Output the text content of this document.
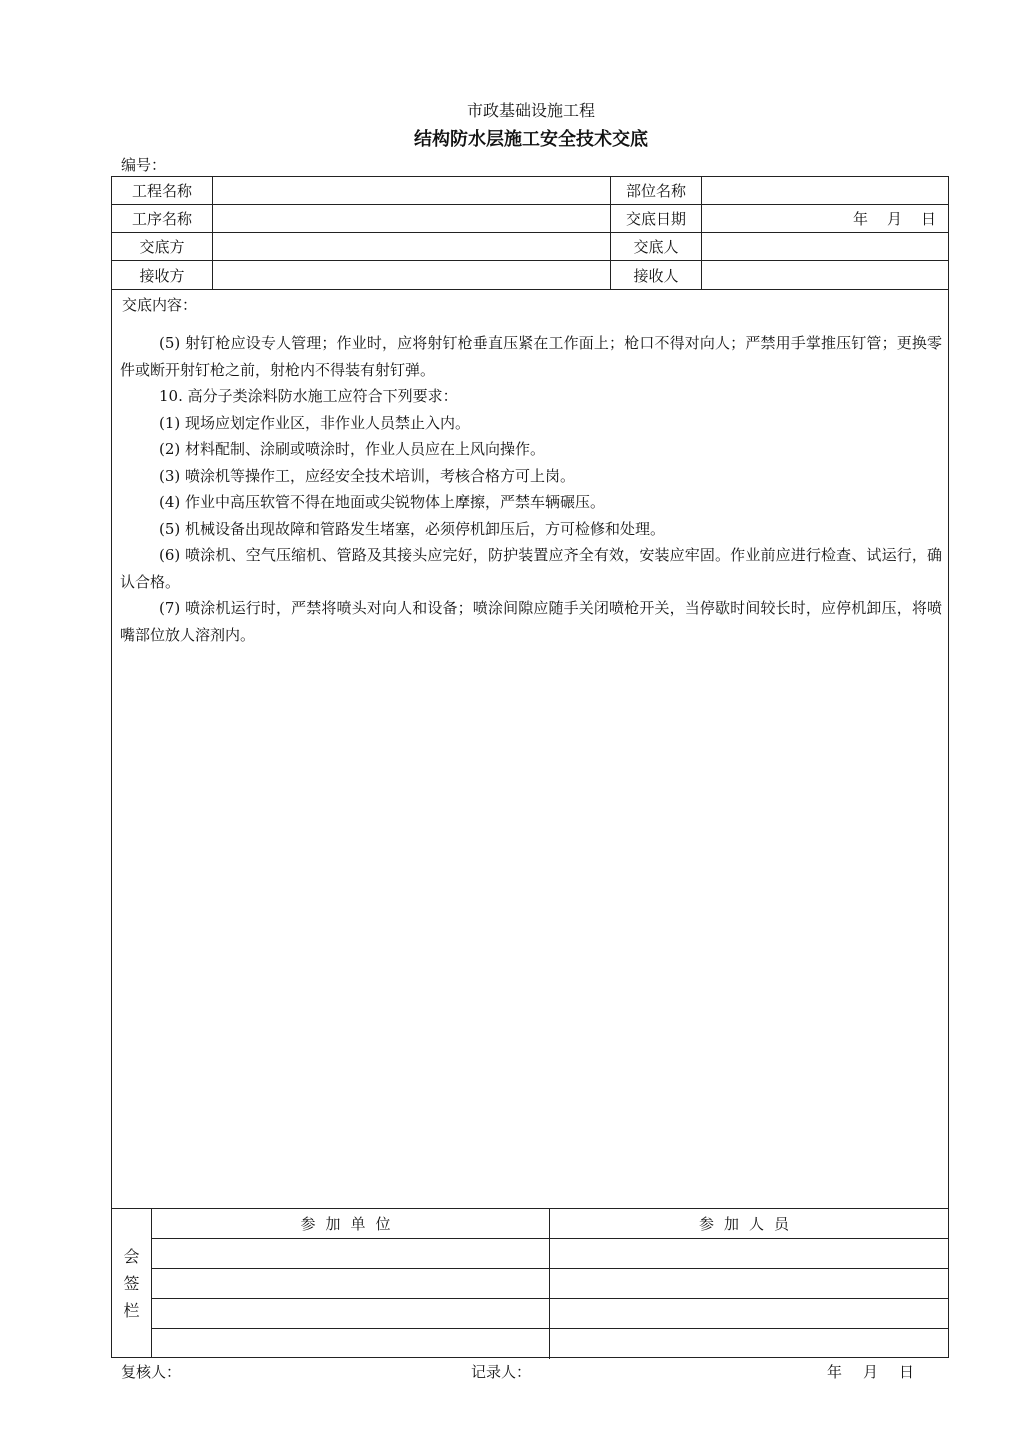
市政基础设施工程
结构防水层施工安全技术交底
编号：
工程名称	部位名称
工序名称	交底日期	年 月 日
交底方	交底人
接收方	接收人
交底内容：

(5) 射钉枪应设专人管理；作业时，应将射钉枪垂直压紧在工作面上；枪口不得对向人；严禁用手掌推压钉管；更换零件或断开射钉枪之前，射枪内不得装有射钉弹。

10. 高分子类涂料防水施工应符合下列要求：

(1) 现场应划定作业区，非作业人员禁止入内。

(2) 材料配制、涂刷或喷涂时，作业人员应在上风向操作。

(3) 喷涂机等操作工，应经安全技术培训，考核合格方可上岗。

(4) 作业中高压软管不得在地面或尖锐物体上摩擦，严禁车辆碾压。

(5) 机械设备出现故障和管路发生堵塞，必须停机卸压后，方可检修和处理。

(6) 喷涂机、空气压缩机、管路及其接头应完好，防护装置应齐全有效，安装应牢固。作业前应进行检查、试运行，确认合格。

(7) 喷涂机运行时，严禁将喷头对向人和设备；喷涂间隙应随手关闭喷枪开关，当停歇时间较长时，应停机卸压，将喷嘴部位放人溶剂内。

会
签
栏
参加单位	参加人员
复核人：	记录人：	年 月 日
